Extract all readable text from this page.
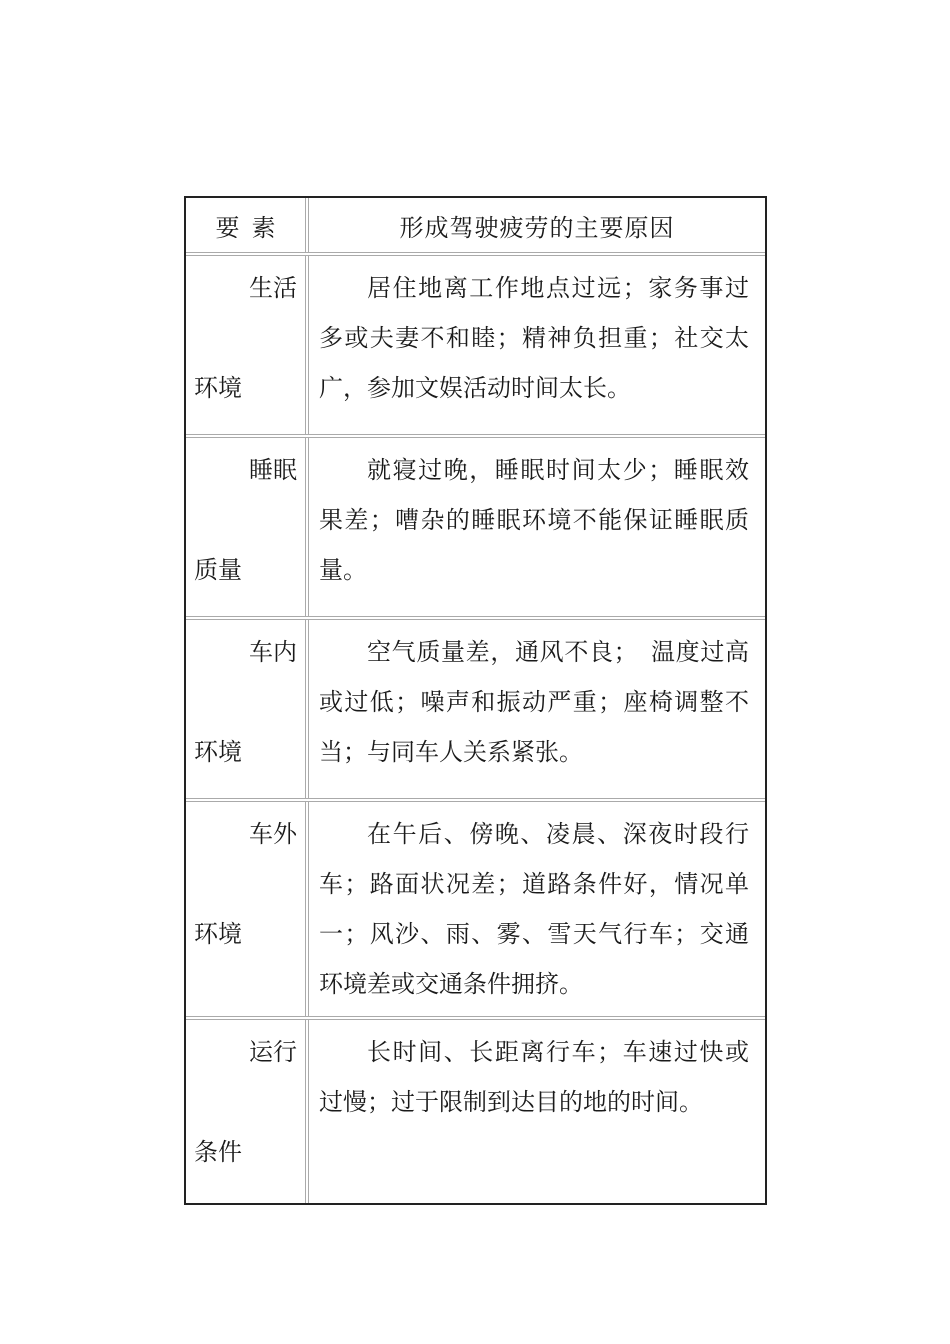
要素	形成驾驶疲劳的主要原因
生活
环境
居住地离工作地点过远；家务事过多或夫妻不和睦；精神负担重；社交太广，参加文娱活动时间太长。
睡眠
质量
就寝过晚，睡眠时间太少；睡眠效果差；嘈杂的睡眠环境不能保证睡眠质量。
车内
环境
空气质量差，通风不良；　温度过高或过低；噪声和振动严重；座椅调整不当；与同车人关系紧张。
车外
环境
在午后、傍晚、凌晨、深夜时段行车；路面状况差；道路条件好，情况单一；风沙、雨、雾、雪天气行车；交通环境差或交通条件拥挤。
运行
条件
长时间、长距离行车；车速过快或过慢；过于限制到达目的地的时间。
